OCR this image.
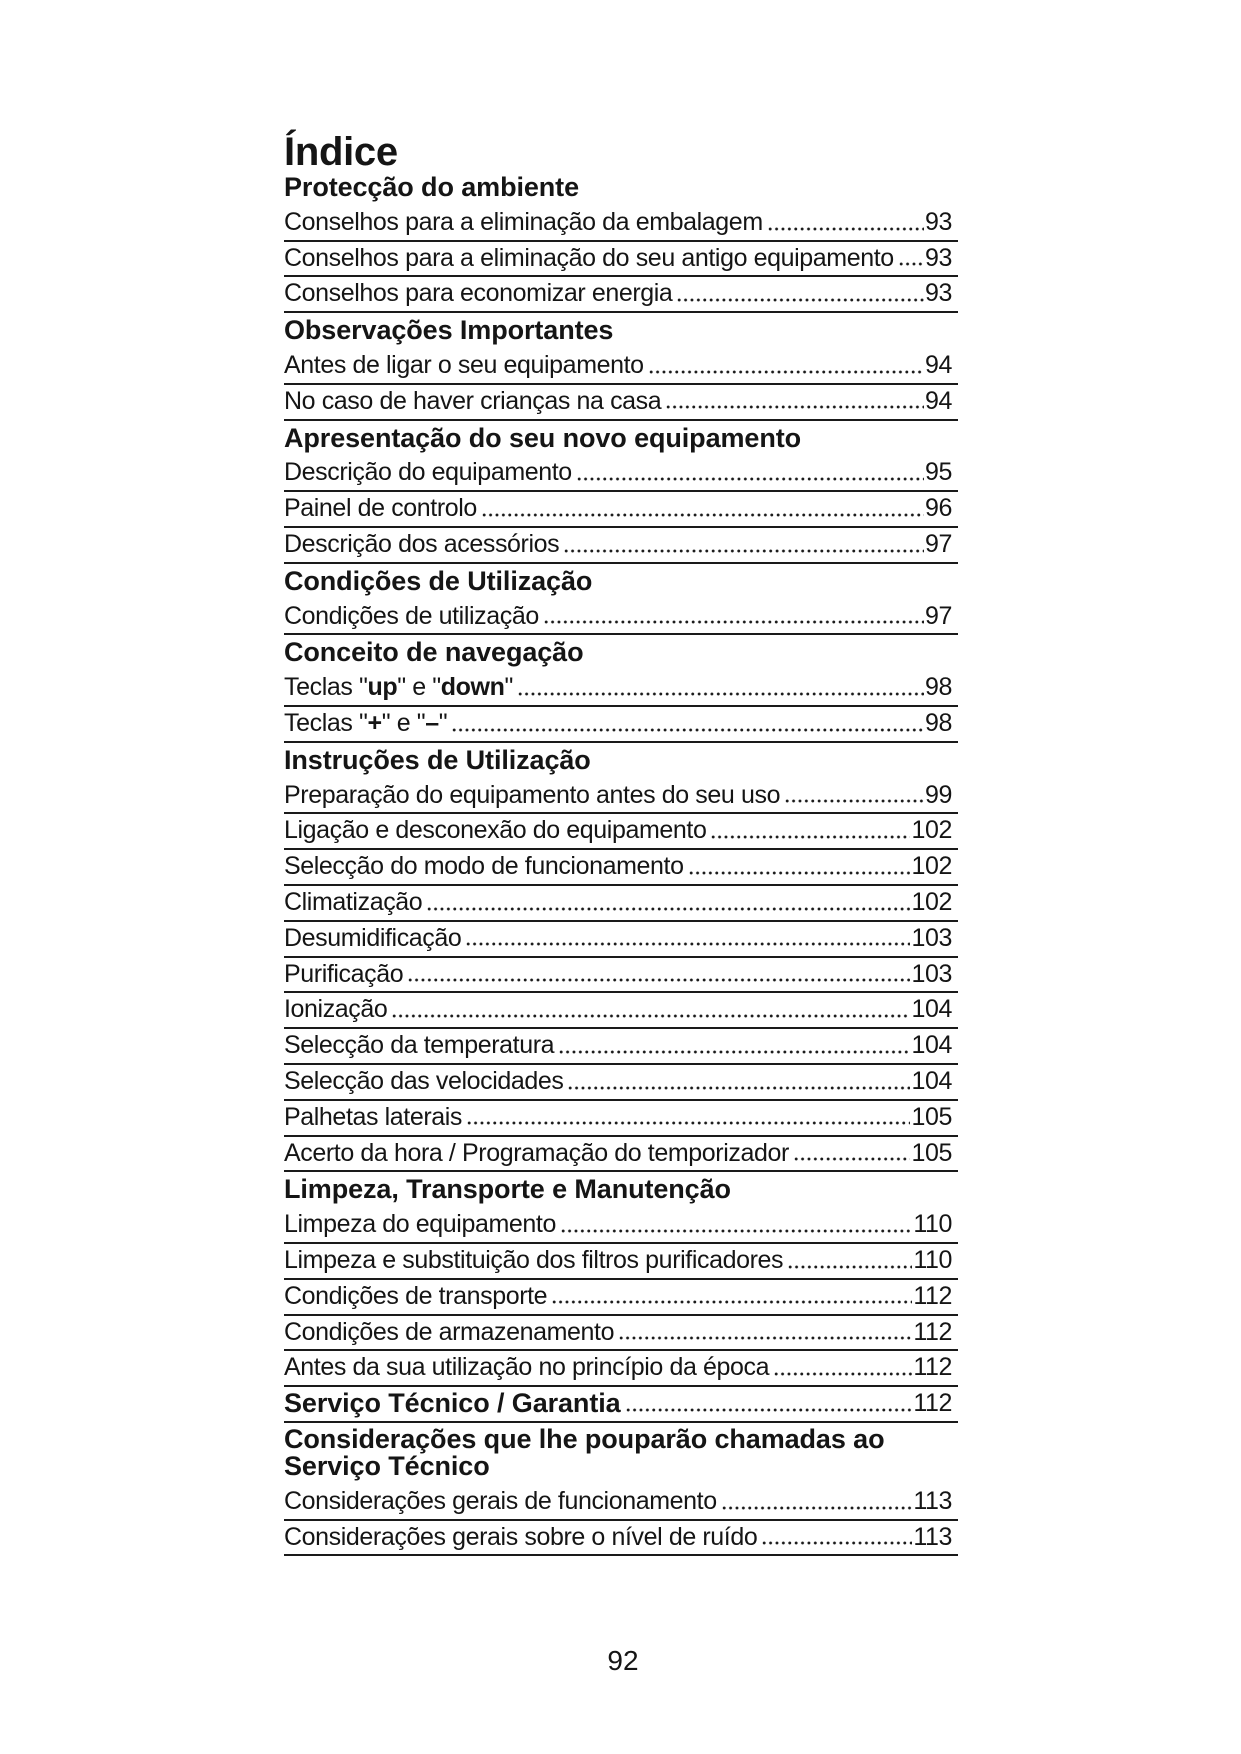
Índice
Protecção do ambiente
Conselhos para a eliminação da embalagem	93
Conselhos para a eliminação do seu antigo equipamento 93
Conselhos para economizar energia	93
Observações Importantes
Antes de ligar o seu equipamento	94
No caso de haver crianças na casa	94
Apresentação do seu novo equipamento
Descrição do equipamento	95
Painel de controlo	96
Descrição dos acessórios	97
Condições de Utilização
Condições de utilização	97
Conceito de navegação
Teclas "up" e "down"	98
Teclas "+" e "–"	98
Instruções de Utilização
Preparação do equipamento antes do seu uso	99
Ligação e desconexão do equipamento	102
Selecção do modo de funcionamento	102
Climatização	102
Desumidificação	103
Purificação	103
Ionização	104
Selecção da temperatura	104
Selecção das velocidades	104
Palhetas laterais	105
Acerto da hora / Programação do temporizador	105
Limpeza, Transporte e Manutenção
Limpeza do equipamento	110
Limpeza e substituição dos filtros purificadores	110
Condições de transporte	112
Condições de armazenamento	112
Antes da sua utilização no princípio da época	112
Serviço Técnico / Garantia	112
Considerações que lhe pouparão chamadas ao Serviço Técnico
Considerações gerais de funcionamento	113
Considerações gerais sobre o nível de ruído	113
92
